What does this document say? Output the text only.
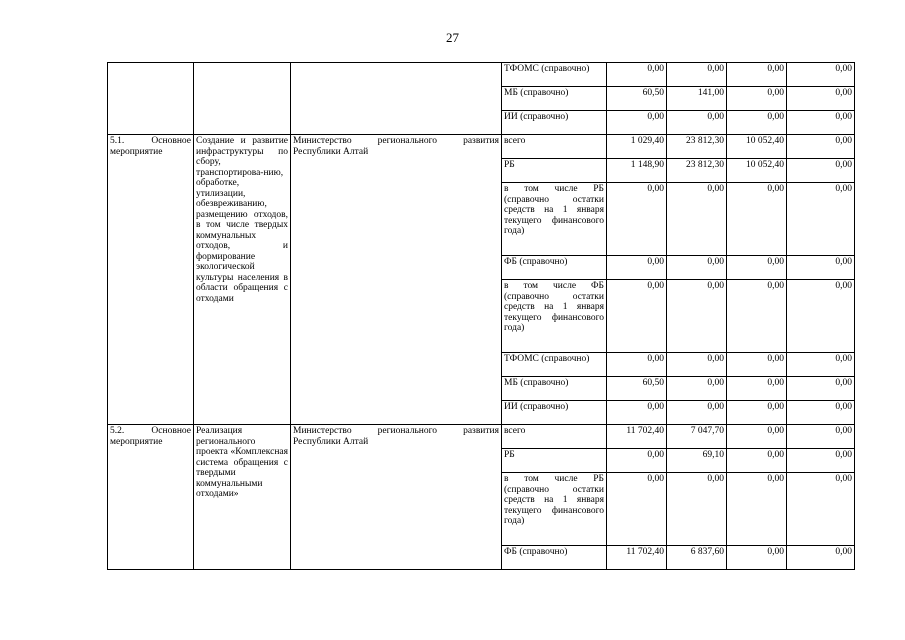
27
			ТФОМС (справочно)	0,00	0,00	0,00	0,00
			МБ (справочно)	60,50	141,00	0,00	0,00
			ИИ (справочно)	0,00	0,00	0,00	0,00
5.1. Основное мероприятие	Создание и развитие инфраструктуры по сбору, транспортирова-нию, обработке, утилизации, обезвреживанию, размещению отходов, в том числе твердых коммунальных отходов, и формирование экологической культуры населения в области обращения с отходами	Министерство регионального развития Республики Алтай	всего	1 029,40	23 812,30	10 052,40	0,00
			РБ	1 148,90	23 812,30	10 052,40	0,00
			в том числе РБ (справочно остатки средств на 1 января текущего финансового года)	0,00	0,00	0,00	0,00
			ФБ (справочно)	0,00	0,00	0,00	0,00
			в том числе ФБ (справочно остатки средств на 1 января текущего финансового года)	0,00	0,00	0,00	0,00
			ТФОМС (справочно)	0,00	0,00	0,00	0,00
			МБ (справочно)	60,50	0,00	0,00	0,00
			ИИ (справочно)	0,00	0,00	0,00	0,00
5.2. Основное мероприятие	Реализация регионального проекта «Комплексная система обращения с твердыми коммунальными отходами»	Министерство регионального развития Республики Алтай	всего	11 702,40	7 047,70	0,00	0,00
			РБ	0,00	69,10	0,00	0,00
			в том числе РБ (справочно остатки средств на 1 января текущего финансового года)	0,00	0,00	0,00	0,00
			ФБ (справочно)	11 702,40	6 837,60	0,00	0,00
